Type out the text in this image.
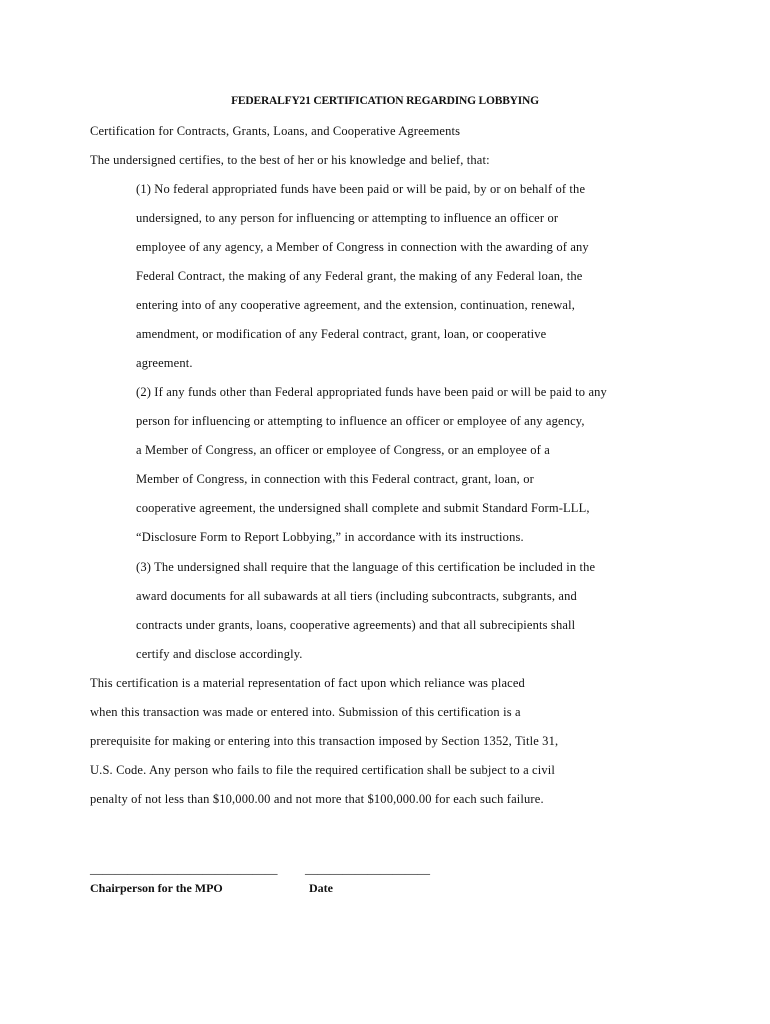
FEDERALFY21 CERTIFICATION REGARDING LOBBYING
Certification for Contracts, Grants, Loans, and Cooperative Agreements
The undersigned certifies, to the best of her or his knowledge and belief, that:
(1) No federal appropriated funds have been paid or will be paid, by or on behalf of the
undersigned, to any person for influencing or attempting to influence an officer or
employee of any agency, a Member of Congress in connection with the awarding of any
Federal Contract, the making of any Federal grant, the making of any Federal loan, the
entering into of any cooperative agreement, and the extension, continuation, renewal,
amendment, or modification of any Federal contract, grant, loan, or cooperative
agreement.
(2) If any funds other than Federal appropriated funds have been paid or will be paid to any
person for influencing or attempting to influence an officer or employee of any agency,
a Member of Congress, an officer or employee of Congress, or an employee of a
Member of Congress, in connection with this Federal contract, grant, loan, or
cooperative agreement, the undersigned shall complete and submit Standard Form-LLL,
“Disclosure Form to Report Lobbying,” in accordance with its instructions.
(3) The undersigned shall require that the language of this certification be included in the
award documents for all subawards at all tiers (including subcontracts, subgrants, and
contracts under grants, loans, cooperative agreements) and that all subrecipients shall
certify and disclose accordingly.
This certification is a material representation of fact upon which reliance was placed
when this transaction was made or entered into. Submission of this certification is a
prerequisite for making or entering into this transaction imposed by Section 1352, Title 31,
U.S. Code. Any person who fails to file the required certification shall be subject to a civil
penalty of not less than $10,000.00 and not more that $100,000.00 for each such failure.
______________________________ ____________________
Chairperson for the MPO	Date
